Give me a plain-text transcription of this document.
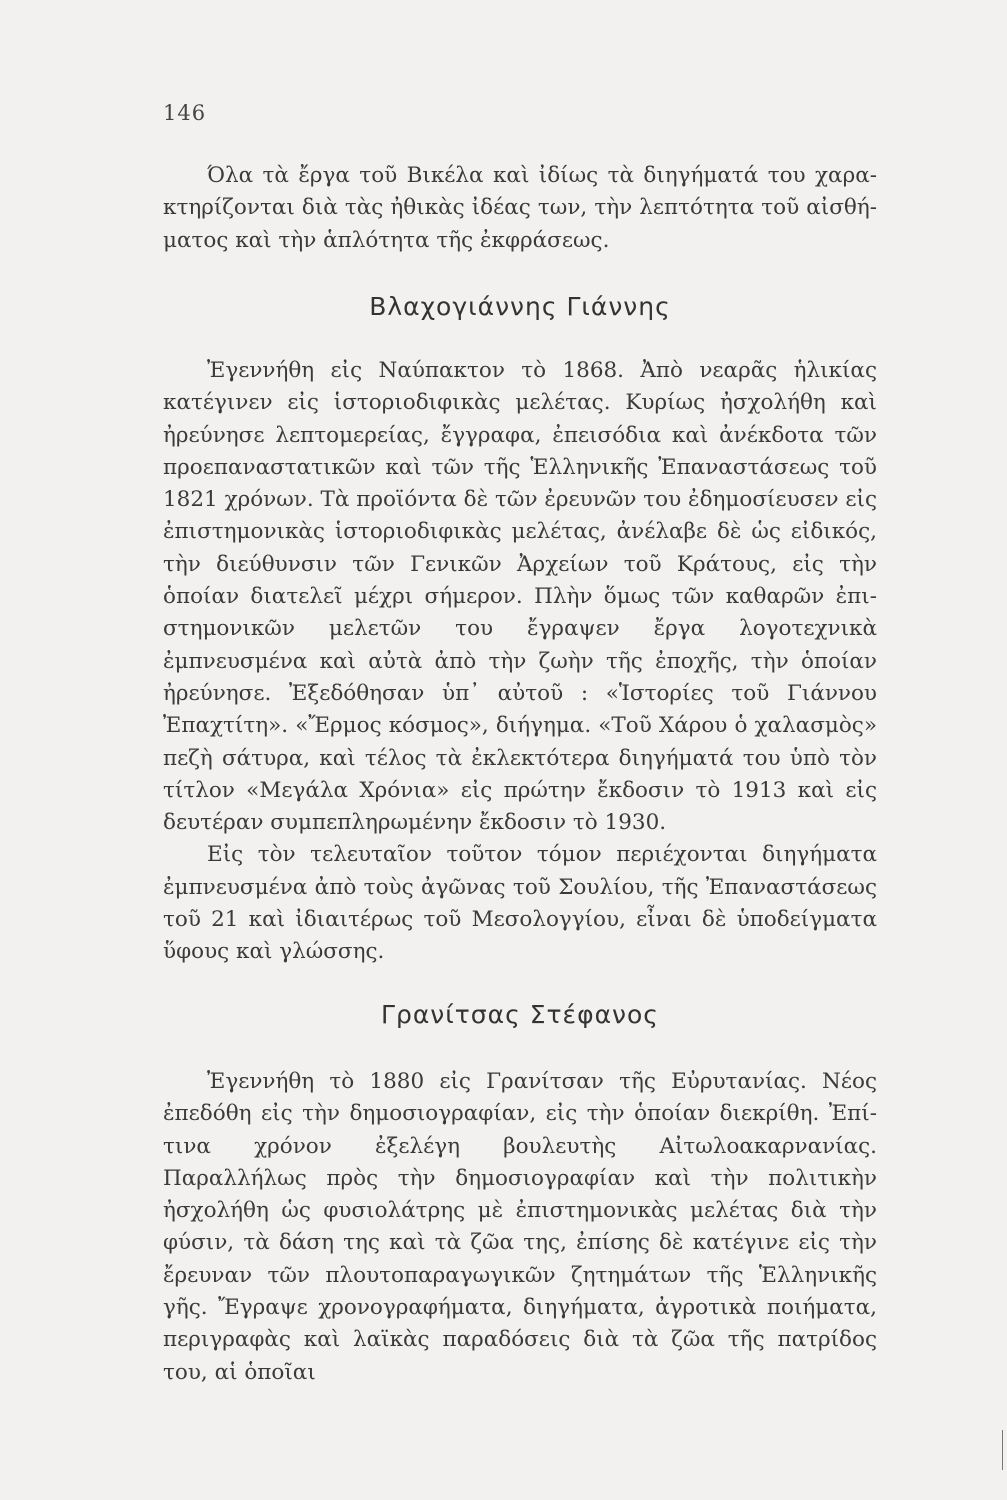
146

Όλα τὰ ἔργα τοῦ Βικέλα καὶ ἰδίως τὰ διηγήματά του χαρακτηρίζονται διὰ τὰς ἠθικὰς ἰδέας των, τὴν λεπτότητα τοῦ αἰσθήματος καὶ τὴν ἁπλότητα τῆς ἐκφράσεως.

Βλαχογιάννης Γιάννης

Ἐγεννήθη εἰς Ναύπακτον τὸ 1868. Ἀπὸ νεαρᾶς ἡλικίας κατέγινεν εἰς ἱστοριοδιφικὰς μελέτας. Κυρίως ἠσχολήθη καὶ ἠρεύνησε λεπτομερείας, ἔγγραφα, ἐπεισόδια καὶ ἀνέκδοτα τῶν προεπαναστατικῶν καὶ τῶν τῆς Ἑλληνικῆς Ἐπαναστάσεως τοῦ 1821 χρόνων. Τὰ προϊόντα δὲ τῶν ἐρευνῶν του ἐδημοσίευσεν εἰς ἐπιστημονικὰς ἱστοριοδιφικὰς μελέτας, ἀνέλαβε δὲ ὡς εἰδικός, τὴν διεύθυνσιν τῶν Γενικῶν Ἀρχείων τοῦ Κράτους, εἰς τὴν ὁποίαν διατελεῖ μέχρι σήμερον. Πλὴν ὅμως τῶν καθαρῶν ἐπιστημονικῶν μελετῶν του ἔγραψεν ἔργα λογοτεχνικὰ ἐμπνευσμένα καὶ αὐτὰ ἀπὸ τὴν ζωὴν τῆς ἐποχῆς, τὴν ὁποίαν ἠρεύνησε. Ἐξεδόθησαν ὑπ᾿ αὐτοῦ : «Ἱστορίες τοῦ Γιάννου Ἐπαχτίτη». «Ἔρμος κόσμος», διήγημα. «Τοῦ Χάρου ὁ χαλασμὸς» πεζὴ σάτυρα, καὶ τέλος τὰ ἐκλεκτότερα διηγήματά του ὑπὸ τὸν τίτλον «Μεγάλα Χρόνια» εἰς πρώτην ἔκδοσιν τὸ 1913 καὶ εἰς δευτέραν συμπεπληρωμένην ἔκδοσιν τὸ 1930.

Εἰς τὸν τελευταῖον τοῦτον τόμον περιέχονται διηγήματα ἐμπνευσμένα ἀπὸ τοὺς ἀγῶνας τοῦ Σουλίου, τῆς Ἐπαναστάσεως τοῦ 21 καὶ ἰδιαιτέρως τοῦ Μεσολογγίου, εἶναι δὲ ὑποδείγματα ὕφους καὶ γλώσσης.

Γρανίτσας Στέφανος

Ἐγεννήθη τὸ 1880 εἰς Γρανίτσαν τῆς Εὐρυτανίας. Νέος ἐπεδόθη εἰς τὴν δημοσιογραφίαν, εἰς τὴν ὁποίαν διεκρίθη. Ἐπίτινα χρόνον ἐξελέγη βουλευτὴς Αἰτωλοακαρνανίας. Παραλλήλως πρὸς τὴν δημοσιογραφίαν καὶ τὴν πολιτικὴν ἠσχολήθη ὡς φυσιολάτρης μὲ ἐπιστημονικὰς μελέτας διὰ τὴν φύσιν, τὰ δάση της καὶ τὰ ζῶα της, ἐπίσης δὲ κατέγινε εἰς τὴν ἔρευναν τῶν πλουτοπαραγωγικῶν ζητημάτων τῆς Ἑλληνικῆς γῆς. Ἔγραψε χρονογραφήματα, διηγήματα, ἀγροτικὰ ποιήματα, περιγραφὰς καὶ λαϊκὰς παραδόσεις διὰ τὰ ζῶα τῆς πατρίδος του, αἱ ὁποῖαι
